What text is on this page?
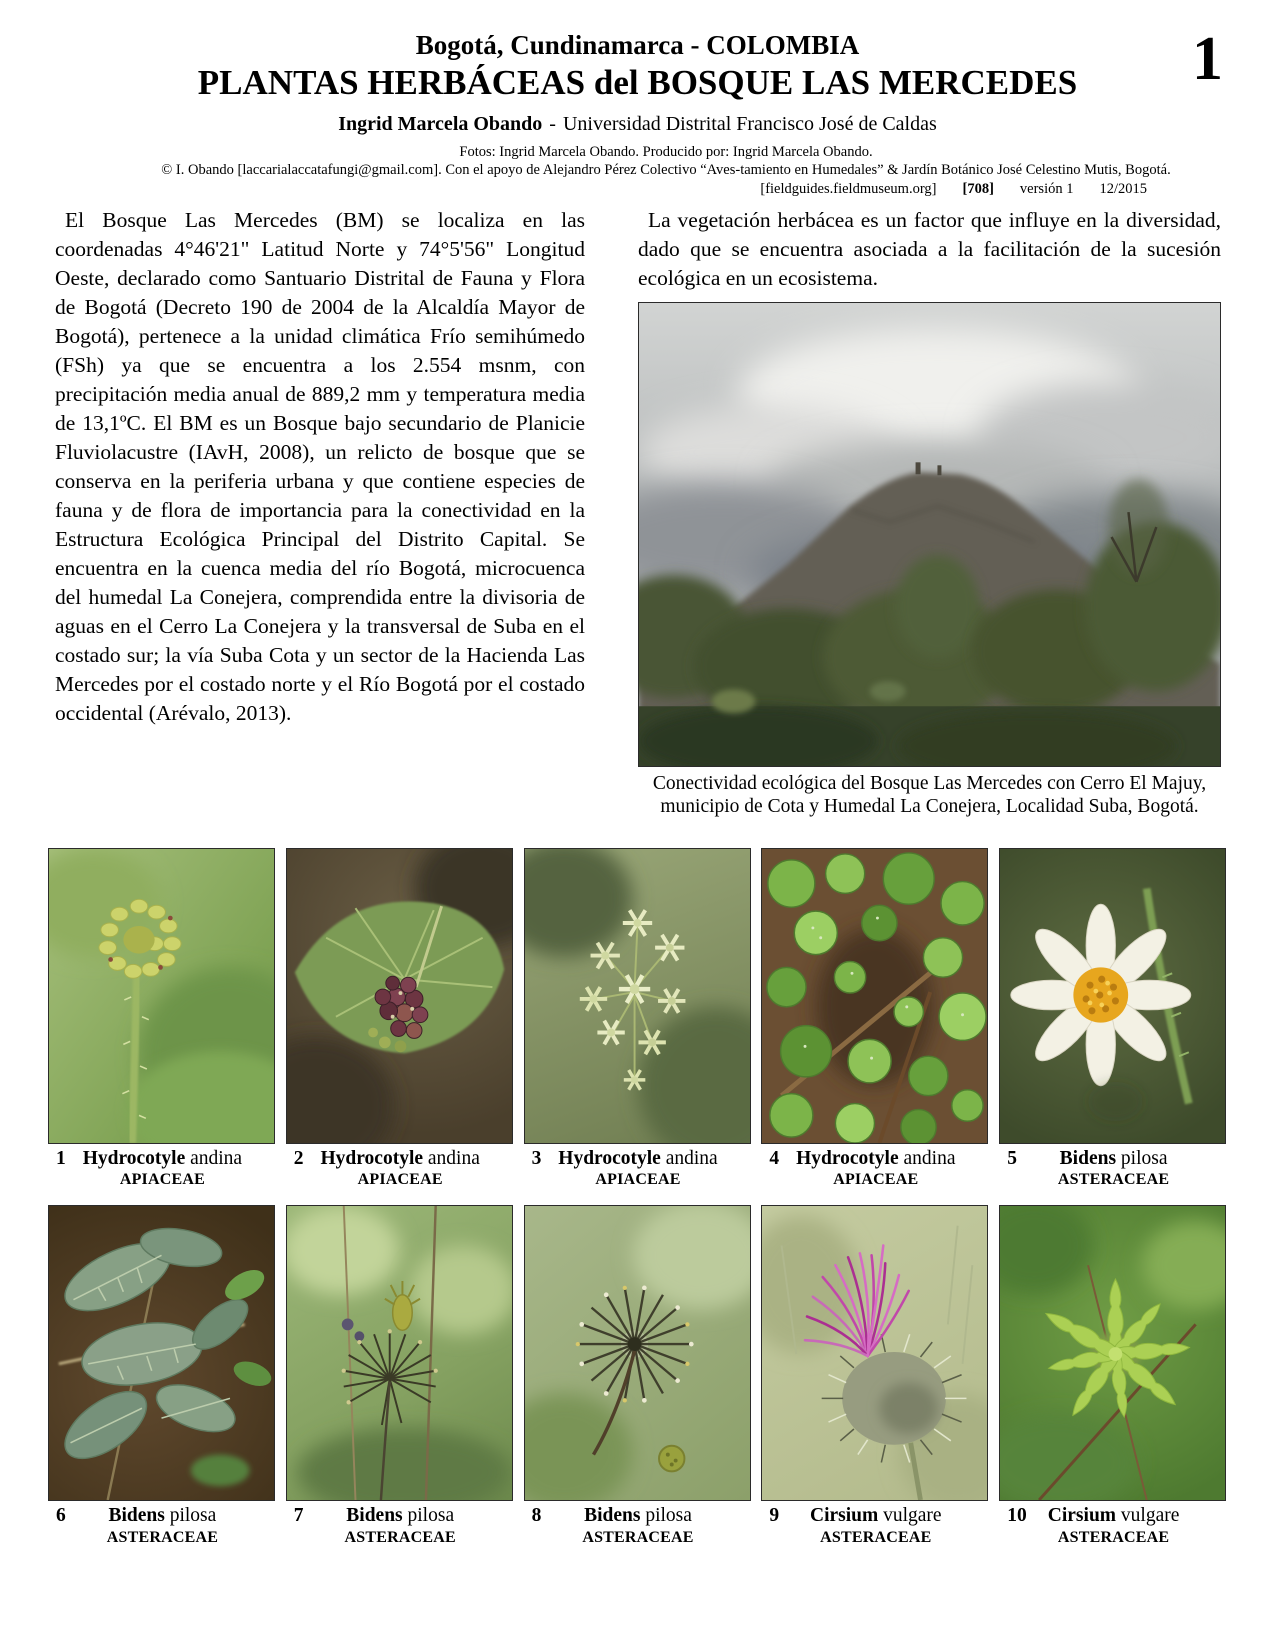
1
Bogotá, Cundinamarca - COLOMBIA
PLANTAS HERBÁCEAS del BOSQUE LAS MERCEDES
Ingrid Marcela Obando - Universidad Distrital Francisco José de Caldas
Fotos: Ingrid Marcela Obando. Producido por: Ingrid Marcela Obando.
© I. Obando [laccarialaccatafungi@gmail.com]. Con el apoyo de Alejandro Pérez Colectivo “Aves-tamiento en Humedales” & Jardín Botánico José Celestino Mutis, Bogotá.
[fieldguides.fieldmuseum.org] [708] versión 1 12/2015
El Bosque Las Mercedes (BM) se localiza en las coordenadas 4°46'21" Latitud Norte y 74°5'56" Longitud Oeste, declarado como Santuario Distrital de Fauna y Flora de Bogotá (Decreto 190 de 2004 de la Alcaldía Mayor de Bogotá), pertenece a la unidad climática Frío semihúmedo (FSh) ya que se encuentra a los 2.554 msnm, con precipitación media anual de 889,2 mm y temperatura media de 13,1ºC. El BM es un Bosque bajo secundario de Planicie Fluviolacustre (IAvH, 2008), un relicto de bosque que se conserva en la periferia urbana y que contiene especies de fauna y de flora de importancia para la conectividad en la Estructura Ecológica Principal del Distrito Capital. Se encuentra en la cuenca media del río Bogotá, microcuenca del humedal La Conejera, comprendida entre la divisoria de aguas en el Cerro La Conejera y la transversal de Suba en el costado sur; la vía Suba Cota y un sector de la Hacienda Las Mercedes por el costado norte y el Río Bogotá por el costado occidental (Arévalo, 2013).
La vegetación herbácea es un factor que influye en la diversidad, dado que se encuentra asociada a la facilitación de la sucesión ecológica en un ecosistema.
Conectividad ecológica del Bosque Las Mercedes con Cerro El Majuy,
municipio de Cota y Humedal La Conejera, Localidad Suba, Bogotá.
1 Hydrocotyle andina
APIACEAE
2 Hydrocotyle andina
APIACEAE
3 Hydrocotyle andina
APIACEAE
4 Hydrocotyle andina
APIACEAE
5 Bidens pilosa
ASTERACEAE
6 Bidens pilosa
ASTERACEAE
7 Bidens pilosa
ASTERACEAE
8 Bidens pilosa
ASTERACEAE
9 Cirsium vulgare
ASTERACEAE
10 Cirsium vulgare
ASTERACEAE
